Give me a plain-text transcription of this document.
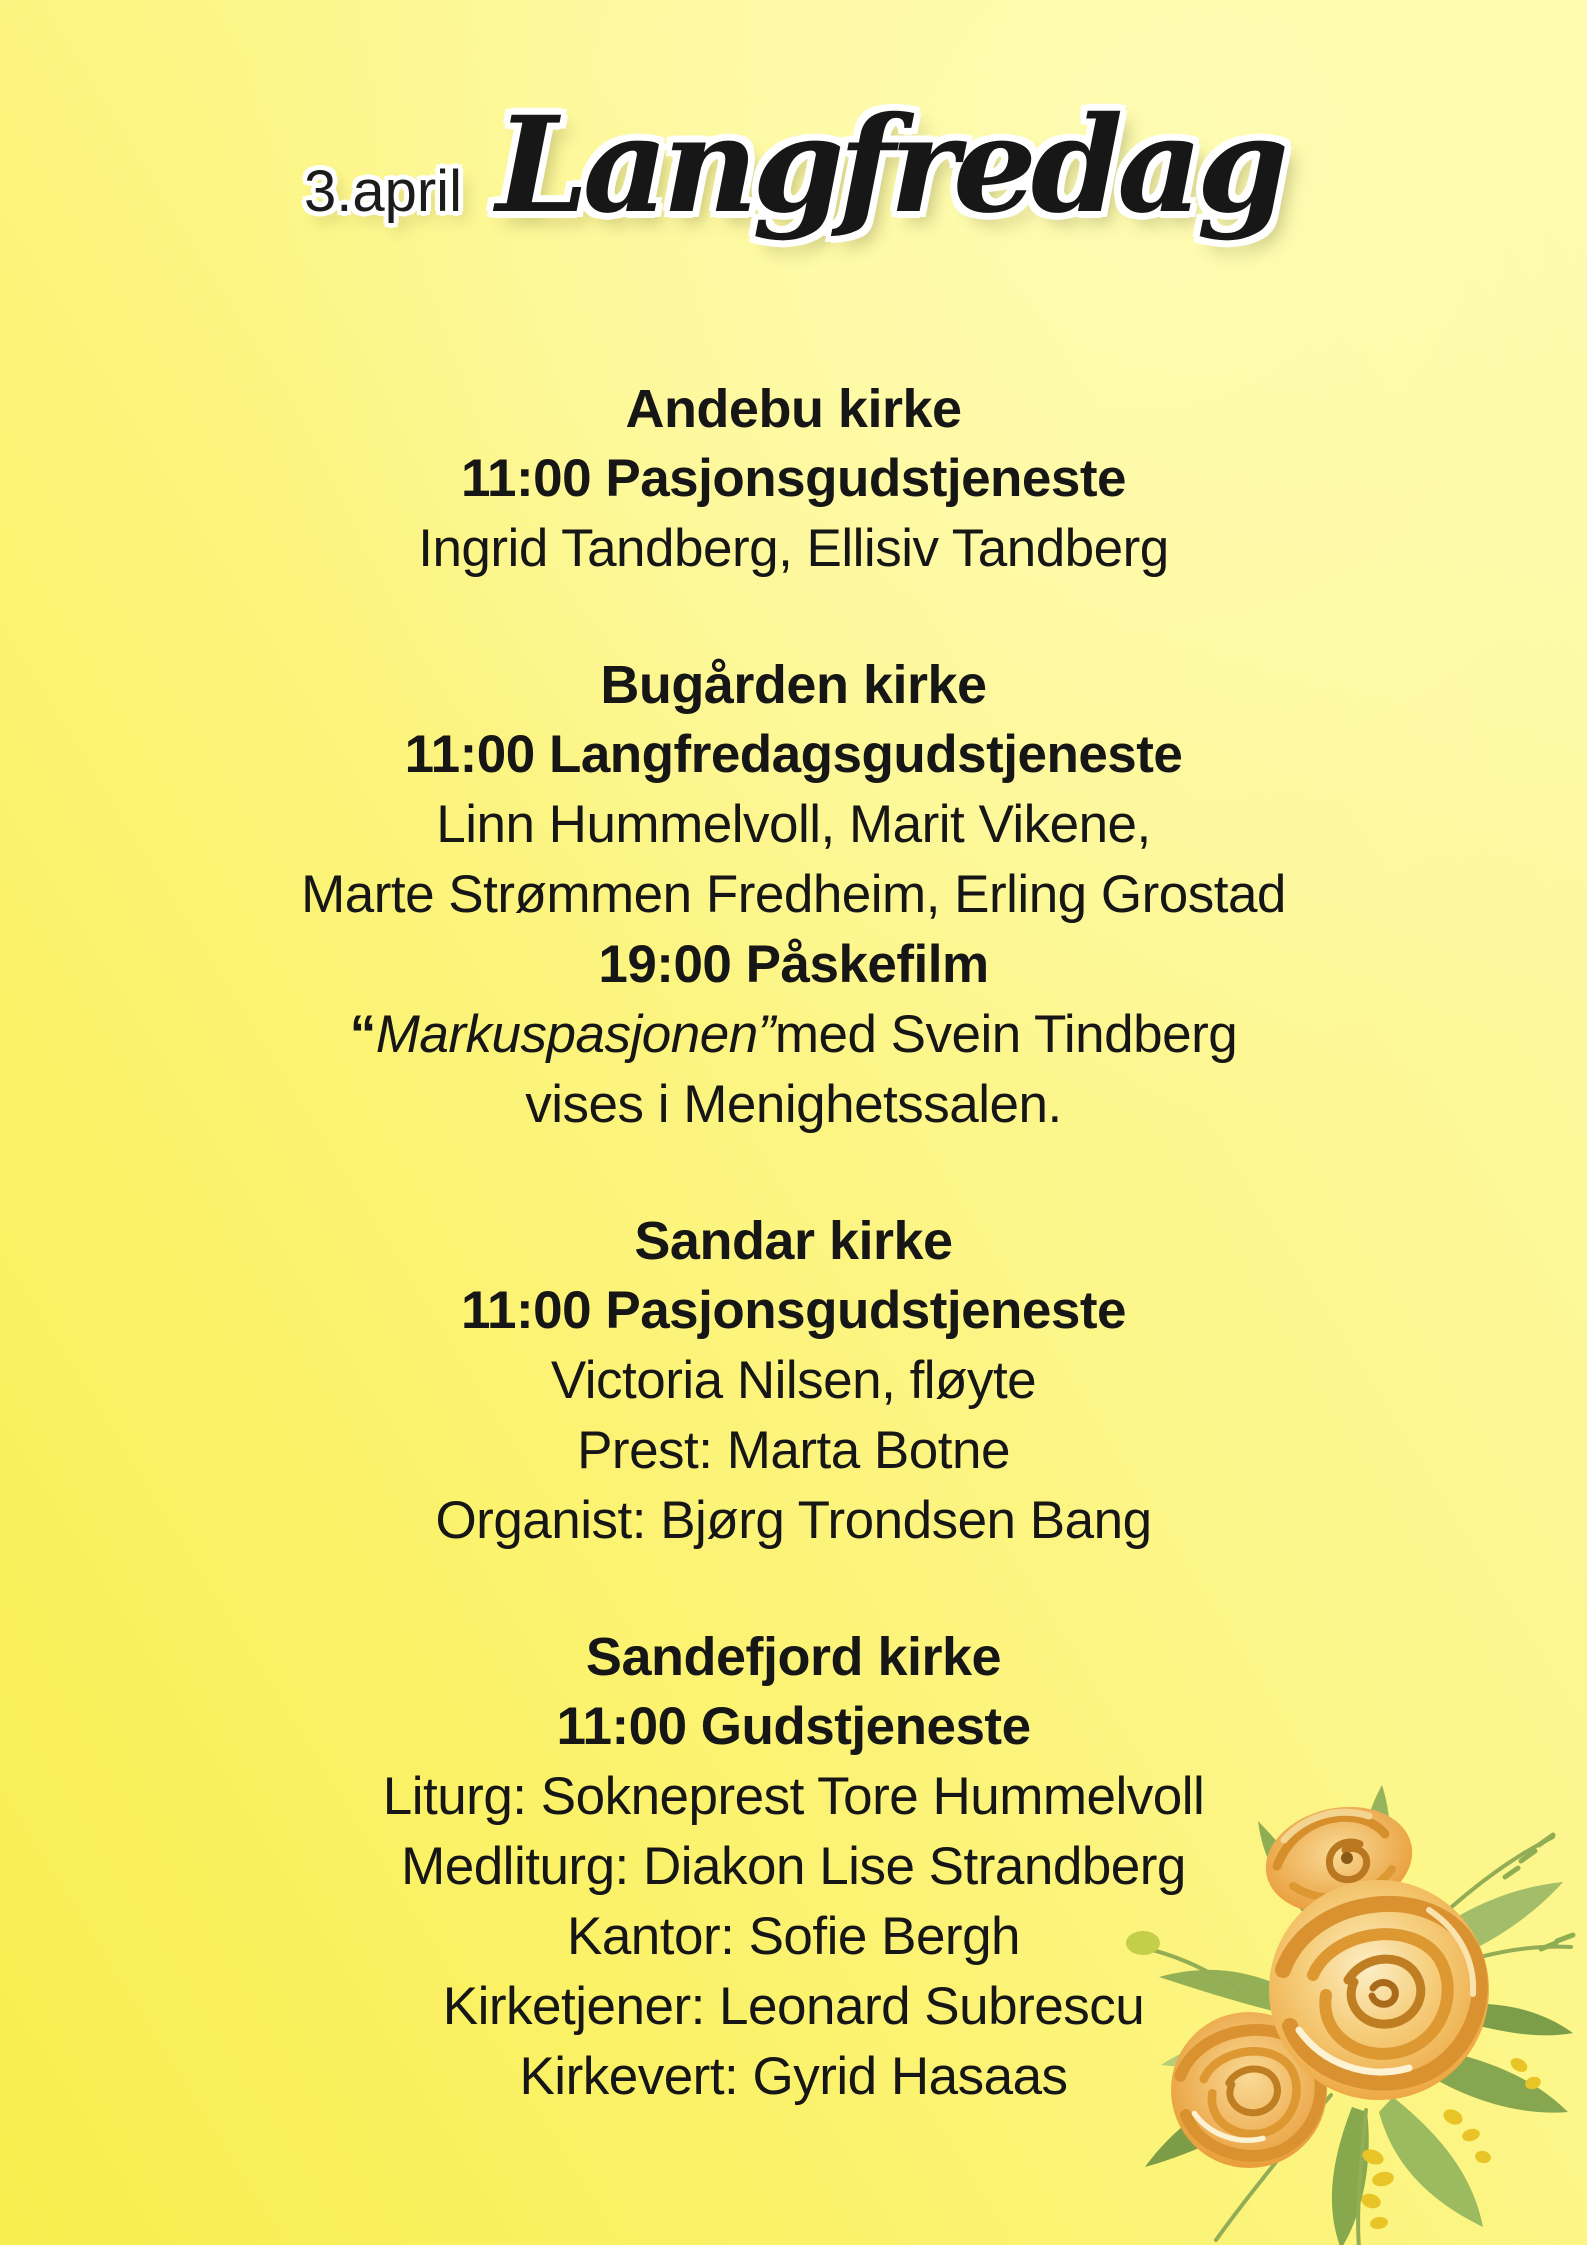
3.april Langfredag
Andebu kirke

11:00 Pasjonsgudstjeneste

Ingrid Tandberg, Ellisiv Tandberg

Bugården kirke

11:00 Langfredagsgudstjeneste

Linn Hummelvoll, Marit Vikene,

Marte Strømmen Fredheim, Erling Grostad

19:00 Påskefilm

“Markuspasjonen”med Svein Tindberg

vises i Menighetssalen.

Sandar kirke

11:00 Pasjonsgudstjeneste

Victoria Nilsen, fløyte

Prest: Marta Botne

Organist: Bjørg Trondsen Bang

Sandefjord kirke

11:00 Gudstjeneste

Liturg: Sokneprest Tore Hummelvoll

Medliturg: Diakon Lise Strandberg

Kantor: Sofie Bergh

Kirketjener: Leonard Subrescu

Kirkevert: Gyrid Hasaas
